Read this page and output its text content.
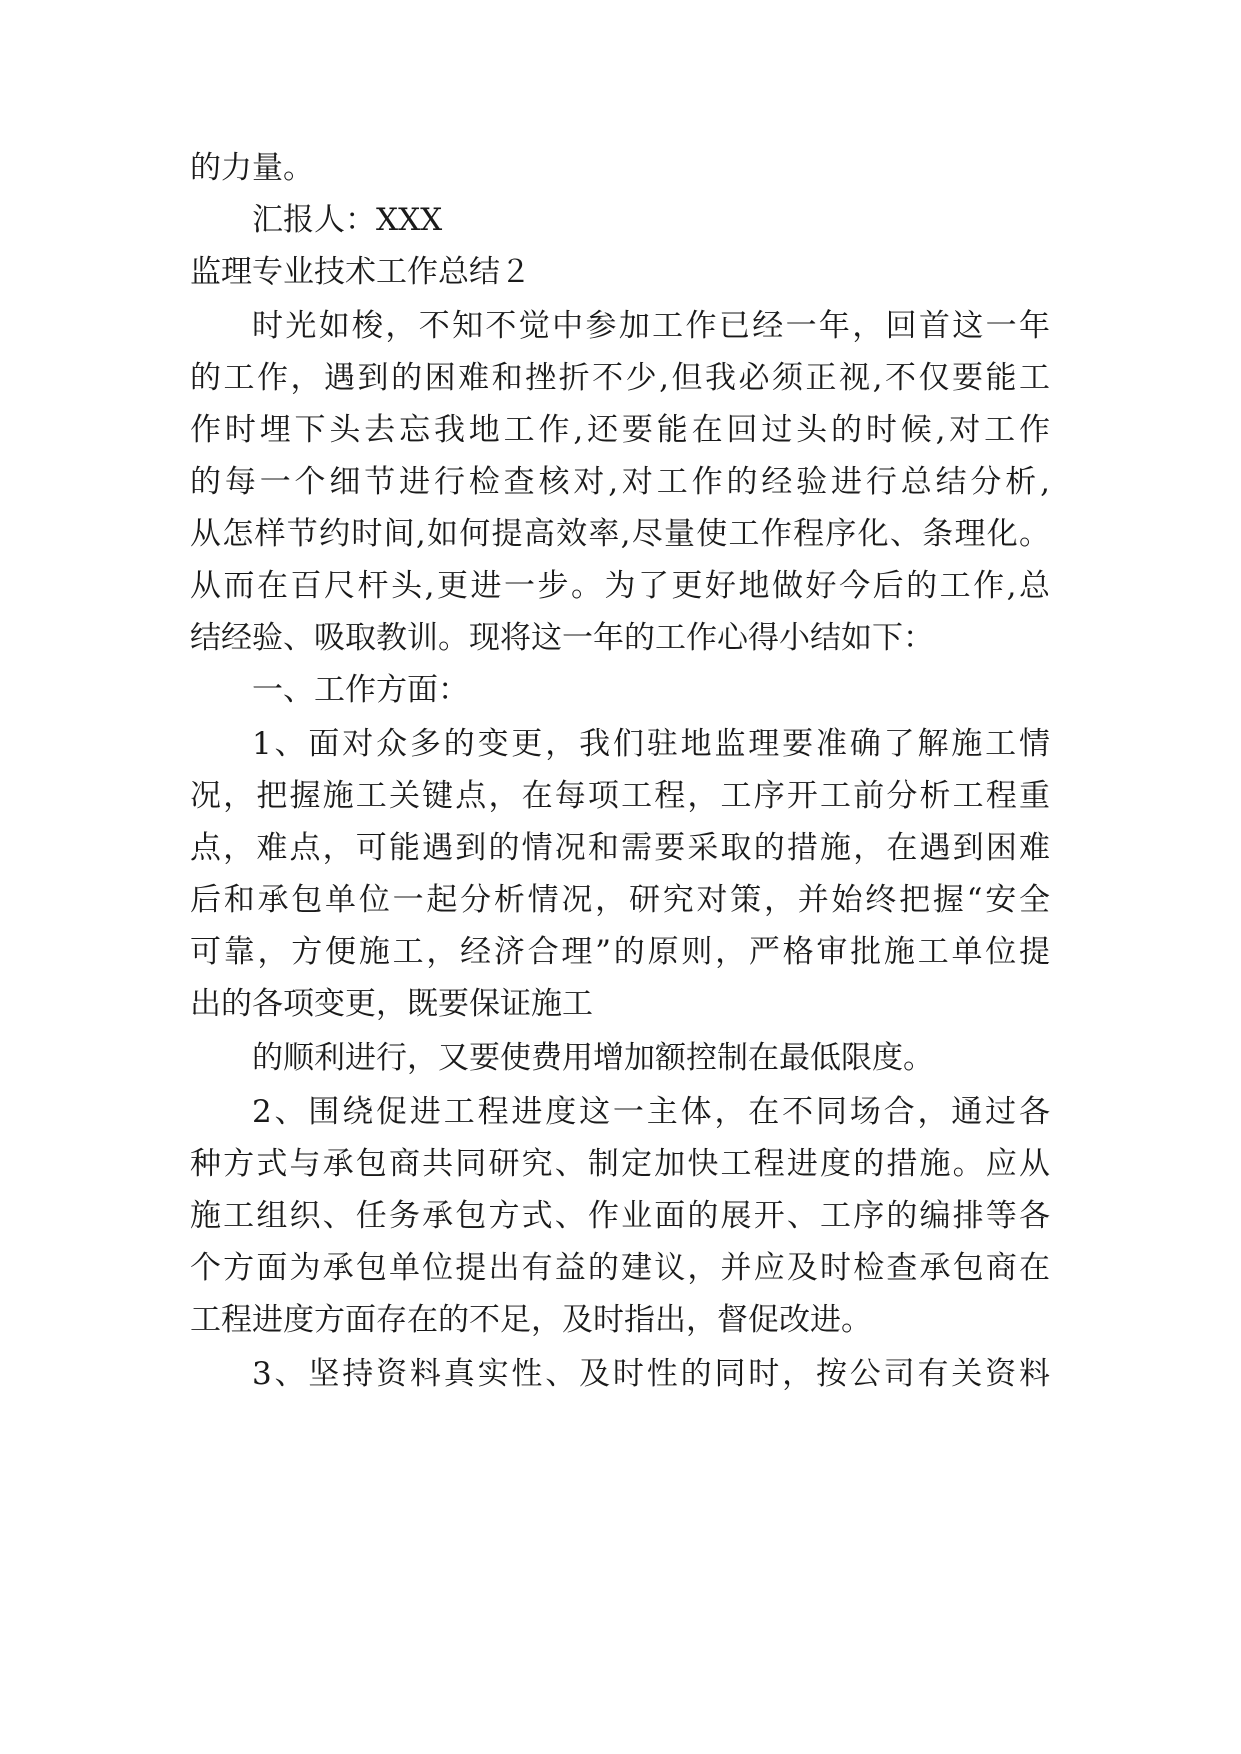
的力量。
汇报人：XXX
监理专业技术工作总结２
时光如梭，不知不觉中参加工作已经一年，回首这一年
的工作，遇到的困难和挫折不少,但我必须正视,不仅要能工
作时埋下头去忘我地工作,还要能在回过头的时候,对工作
的每一个细节进行检查核对,对工作的经验进行总结分析,
从怎样节约时间,如何提高效率,尽量使工作程序化、条理化。
从而在百尺杆头,更进一步。为了更好地做好今后的工作,总
结经验、吸取教训。现将这一年的工作心得小结如下：
一、工作方面：
1、面对众多的变更，我们驻地监理要准确了解施工情
况，把握施工关键点，在每项工程，工序开工前分析工程重
点，难点，可能遇到的情况和需要采取的措施，在遇到困难
后和承包单位一起分析情况，研究对策，并始终把握“安全
可靠，方便施工，经济合理”的原则，严格审批施工单位提
出的各项变更，既要保证施工
的顺利进行，又要使费用增加额控制在最低限度。
2、围绕促进工程进度这一主体，在不同场合，通过各
种方式与承包商共同研究、制定加快工程进度的措施。应从
施工组织、任务承包方式、作业面的展开、工序的编排等各
个方面为承包单位提出有益的建议，并应及时检查承包商在
工程进度方面存在的不足，及时指出，督促改进。
3、坚持资料真实性、及时性的同时，按公司有关资料
